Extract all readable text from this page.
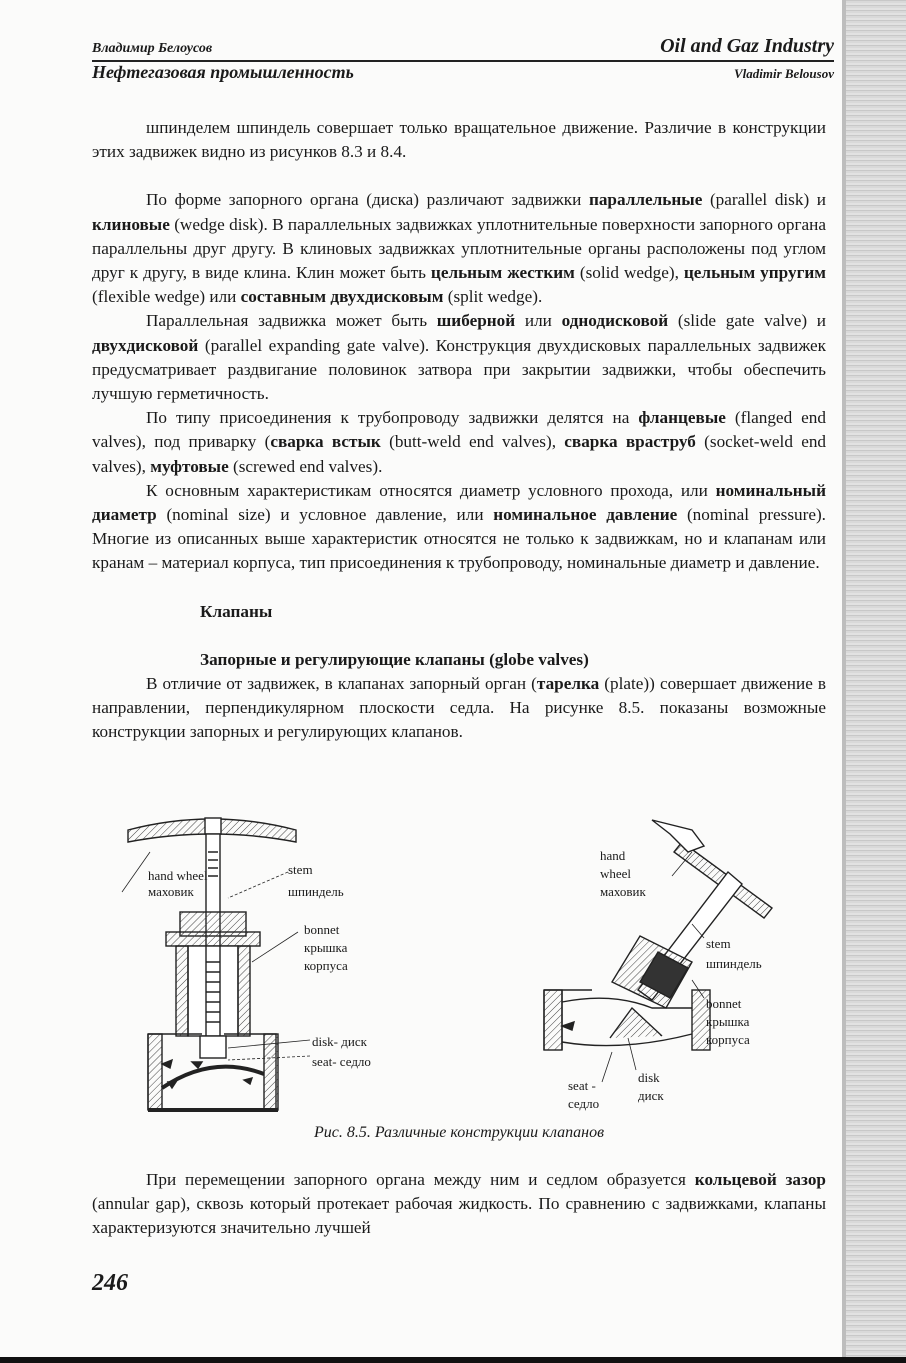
Владимир Белоусов	Oil and Gaz Industry
Нефтегазовая промышленность	Vladimir Belousov

шпинделем шпиндель совершает только вращательное движение. Различие в конструкции этих задвижек видно из рисунков 8.3 и 8.4.

По форме запорного органа (диска) различают задвижки параллельные (parallel disk) и клиновые (wedge disk). В параллельных задвижках уплотнительные поверхности запорного органа параллельны друг другу. В клиновых задвижках уплотнительные органы расположены под углом друг к другу, в виде клина. Клин может быть цельным жестким (solid wedge), цельным упругим (flexible wedge) или составным двухдисковым (split wedge).

Параллельная задвижка может быть шиберной или однодисковой (slide gate valve) и двухдисковой (parallel expanding gate valve). Конструкция двухдисковых параллельных задвижек предусматривает раздвигание половинок затвора при закрытии задвижки, чтобы обеспечить лучшую герметичность.

По типу присоединения к трубопроводу задвижки делятся на фланцевые (flanged end valves), под приварку (сварка встык (butt-weld end valves), сварка враструб (socket-weld end valves), муфтовые (screwed end valves).

К основным характеристикам относятся диаметр условного прохода, или номинальный диаметр (nominal size) и условное давление, или номинальное давление (nominal pressure). Многие из описанных выше характеристик относятся не только к задвижкам, но и клапанам или кранам – материал корпуса, тип присоединения к трубопроводу, номинальные диаметр и давление.

Клапаны

Запорные и регулирующие клапаны (globe valves)

В отличие от задвижек, в клапанах запорный орган (тарелка (plate)) совершает движение в направлении, перпендикулярном плоскости седла. На рисунке 8.5. показаны возможные конструкции запорных и регулирующих клапанов.

hand wheel
маховик
stem
шпиндель
bonnet
крышка
корпуса
disk- диск
seat- седло
hand
wheel
маховик
stem
шпиндель
bonnet
крышка
корпуса
disk
диск
seat -
седло
Рис. 8.5. Различные конструкции клапанов

При перемещении запорного органа между ним и седлом образуется кольцевой зазор (annular gap), сквозь который протекает рабочая жидкость. По сравнению с задвижками, клапаны характеризуются значительно лучшей

246
